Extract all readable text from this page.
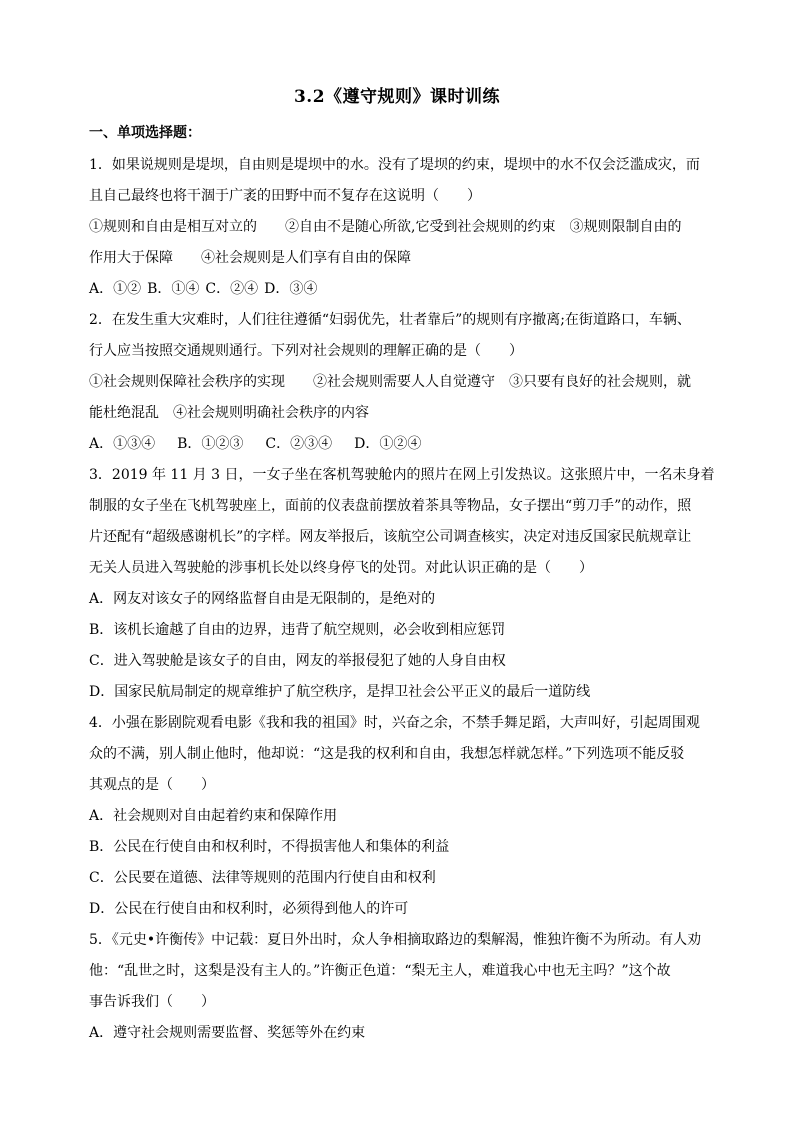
3.2《遵守规则》课时训练
一、单项选择题：
1．如果说规则是堤坝，自由则是堤坝中的水。没有了堤坝的约束，堤坝中的水不仅会泛滥成灾，而
且自己最终也将干涸于广袤的田野中而不复存在这说明（　　）
①规则和自由是相互对立的　　②自由不是随心所欲,它受到社会规则的约束　③规则限制自由的
作用大于保障　　④社会规则是人们享有自由的保障
A．①② B．①④ C．②④ D．③④
2．在发生重大灾难时，人们往往遵循“妇弱优先，壮者靠后”的规则有序撤离;在街道路口，车辆、
行人应当按照交通规则通行。下列对社会规则的理解正确的是（　　）
①社会规则保障社会秩序的实现　　②社会规则需要人人自觉遵守　③只要有良好的社会规则，就
能杜绝混乱　④社会规则明确社会秩序的内容
A．①③④ B．①②③ C．②③④ D．①②④
3．2019 年 11 月 3 日，一女子坐在客机驾驶舱内的照片在网上引发热议。这张照片中，一名未身着
制服的女子坐在飞机驾驶座上，面前的仪表盘前摆放着茶具等物品，女子摆出“剪刀手”的动作，照
片还配有“超级感谢机长”的字样。网友举报后，该航空公司调查核实，决定对违反国家民航规章让
无关人员进入驾驶舱的涉事机长处以终身停飞的处罚。对此认识正确的是（　　）
A．网友对该女子的网络监督自由是无限制的，是绝对的
B．该机长逾越了自由的边界，违背了航空规则，必会收到相应惩罚
C．进入驾驶舱是该女子的自由，网友的举报侵犯了她的人身自由权
D．国家民航局制定的规章维护了航空秩序，是捍卫社会公平正义的最后一道防线
4．小强在影剧院观看电影《我和我的祖国》时，兴奋之余，不禁手舞足蹈，大声叫好，引起周围观
众的不满，别人制止他时，他却说：“这是我的权利和自由，我想怎样就怎样。”下列选项不能反驳
其观点的是（　　）
A．社会规则对自由起着约束和保障作用
B．公民在行使自由和权利时，不得损害他人和集体的利益
C．公民要在道德、法律等规则的范围内行使自由和权利
D．公民在行使自由和权利时，必须得到他人的许可
5．《元史•许衡传》中记载：夏日外出时，众人争相摘取路边的梨解渴，惟独许衡不为所动。有人劝
他：“乱世之时，这梨是没有主人的。”许衡正色道：“梨无主人，难道我心中也无主吗？”这个故
事告诉我们（　　）
A．遵守社会规则需要监督、奖惩等外在约束
